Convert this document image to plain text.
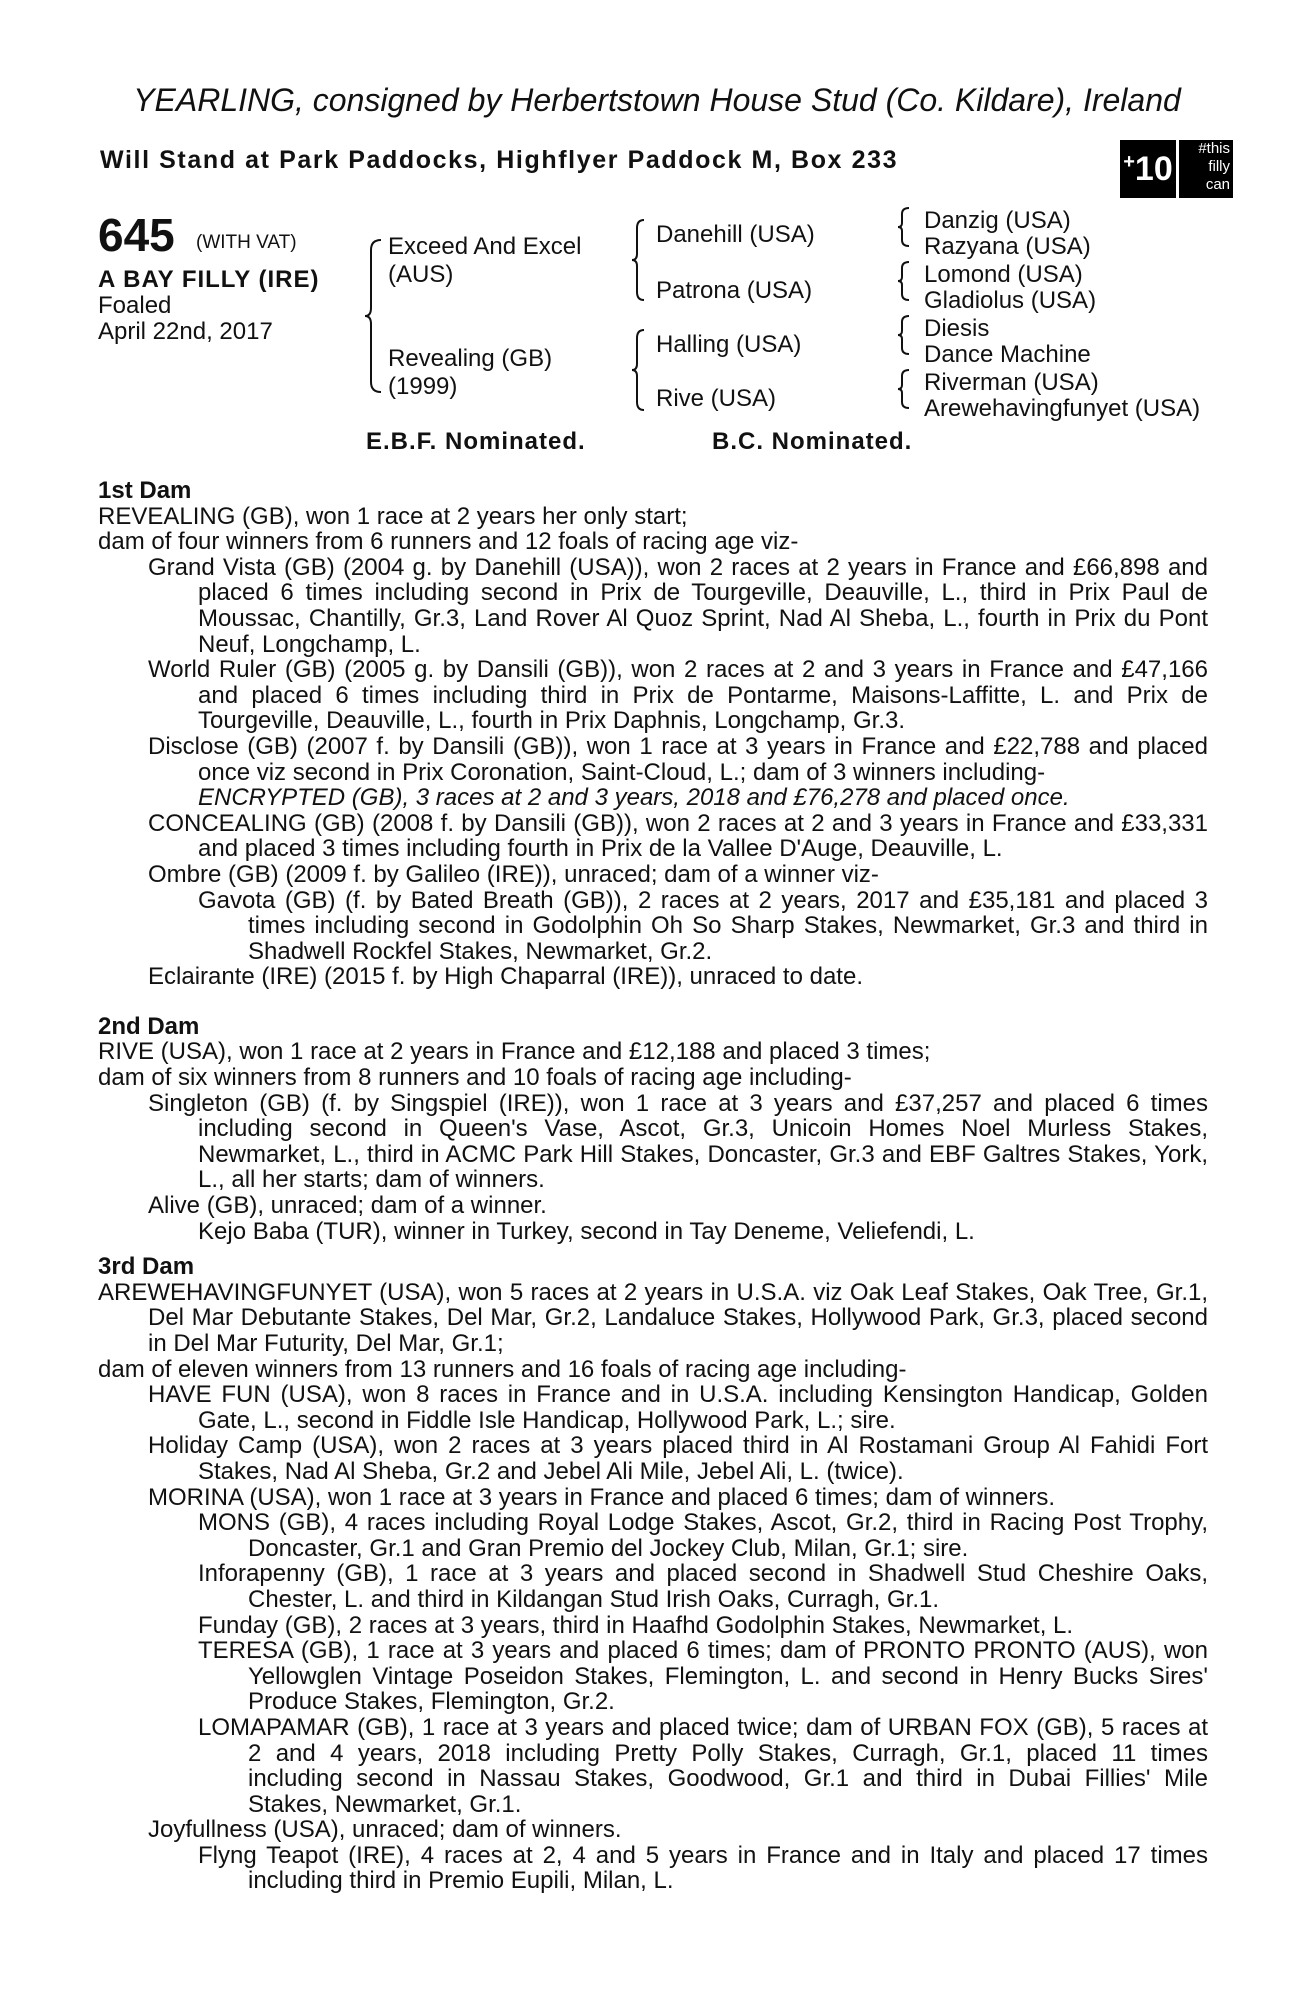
YEARLING, consigned by Herbertstown House Stud (Co. Kildare), Ireland
Will Stand at Park Paddocks, Highflyer Paddock M, Box 233	+ 10
#this
filly
can
645 (WITH VAT)
A BAY FILLY (IRE)
Foaled
April 22nd, 2017
Exceed And Excel
(AUS)
Revealing (GB)
(1999)
Danehill (USA)
Patrona (USA)
Halling (USA)
Rive (USA)
Danzig (USA)
Razyana (USA)
Lomond (USA)
Gladiolus (USA)
Diesis
Dance Machine
Riverman (USA)
Arewehavingfunyet (USA)
E.B.F. Nominated.	B.C. Nominated.

1st Dam

REVEALING (GB), won 1 race at 2 years her only start;

dam of four winners from 6 runners and 12 foals of racing age viz-

Grand Vista (GB) (2004 g. by Danehill (USA)), won 2 races at 2 years in France and £66,898 and placed 6 times including second in Prix de Tourgeville, Deauville, L., third in Prix Paul de Moussac, Chantilly, Gr.3, Land Rover Al Quoz Sprint, Nad Al Sheba, L., fourth in Prix du Pont Neuf, Longchamp, L.

World Ruler (GB) (2005 g. by Dansili (GB)), won 2 races at 2 and 3 years in France and £47,166 and placed 6 times including third in Prix de Pontarme, Maisons-Laffitte, L. and Prix de Tourgeville, Deauville, L., fourth in Prix Daphnis, Longchamp, Gr.3.

Disclose (GB) (2007 f. by Dansili (GB)), won 1 race at 3 years in France and £22,788 and placed once viz second in Prix Coronation, Saint-Cloud, L.; dam of 3 winners including-

ENCRYPTED (GB), 3 races at 2 and 3 years, 2018 and £76,278 and placed once.

CONCEALING (GB) (2008 f. by Dansili (GB)), won 2 races at 2 and 3 years in France and £33,331 and placed 3 times including fourth in Prix de la Vallee D'Auge, Deauville, L.

Ombre (GB) (2009 f. by Galileo (IRE)), unraced; dam of a winner viz-

Gavota (GB) (f. by Bated Breath (GB)), 2 races at 2 years, 2017 and £35,181 and placed 3 times including second in Godolphin Oh So Sharp Stakes, Newmarket, Gr.3 and third in Shadwell Rockfel Stakes, Newmarket, Gr.2.

Eclairante (IRE) (2015 f. by High Chaparral (IRE)), unraced to date.

2nd Dam

RIVE (USA), won 1 race at 2 years in France and £12,188 and placed 3 times;

dam of six winners from 8 runners and 10 foals of racing age including-

Singleton (GB) (f. by Singspiel (IRE)), won 1 race at 3 years and £37,257 and placed 6 times including second in Queen's Vase, Ascot, Gr.3, Unicoin Homes Noel Murless Stakes, Newmarket, L., third in ACMC Park Hill Stakes, Doncaster, Gr.3 and EBF Galtres Stakes, York, L., all her starts; dam of winners.

Alive (GB), unraced; dam of a winner.

Kejo Baba (TUR), winner in Turkey, second in Tay Deneme, Veliefendi, L.

3rd Dam

AREWEHAVINGFUNYET (USA), won 5 races at 2 years in U.S.A. viz Oak Leaf Stakes, Oak Tree, Gr.1, Del Mar Debutante Stakes, Del Mar, Gr.2, Landaluce Stakes, Hollywood Park, Gr.3, placed second in Del Mar Futurity, Del Mar, Gr.1;

dam of eleven winners from 13 runners and 16 foals of racing age including-

HAVE FUN (USA), won 8 races in France and in U.S.A. including Kensington Handicap, Golden Gate, L., second in Fiddle Isle Handicap, Hollywood Park, L.; sire.

Holiday Camp (USA), won 2 races at 3 years placed third in Al Rostamani Group Al Fahidi Fort Stakes, Nad Al Sheba, Gr.2 and Jebel Ali Mile, Jebel Ali, L. (twice).

MORINA (USA), won 1 race at 3 years in France and placed 6 times; dam of winners.

MONS (GB), 4 races including Royal Lodge Stakes, Ascot, Gr.2, third in Racing Post Trophy, Doncaster, Gr.1 and Gran Premio del Jockey Club, Milan, Gr.1; sire.

Inforapenny (GB), 1 race at 3 years and placed second in Shadwell Stud Cheshire Oaks, Chester, L. and third in Kildangan Stud Irish Oaks, Curragh, Gr.1.

Funday (GB), 2 races at 3 years, third in Haafhd Godolphin Stakes, Newmarket, L.

TERESA (GB), 1 race at 3 years and placed 6 times; dam of PRONTO PRONTO (AUS), won Yellowglen Vintage Poseidon Stakes, Flemington, L. and second in Henry Bucks Sires' Produce Stakes, Flemington, Gr.2.

LOMAPAMAR (GB), 1 race at 3 years and placed twice; dam of URBAN FOX (GB), 5 races at 2 and 4 years, 2018 including Pretty Polly Stakes, Curragh, Gr.1, placed 11 times including second in Nassau Stakes, Goodwood, Gr.1 and third in Dubai Fillies' Mile Stakes, Newmarket, Gr.1.

Joyfullness (USA), unraced; dam of winners.

Flyng Teapot (IRE), 4 races at 2, 4 and 5 years in France and in Italy and placed 17 times including third in Premio Eupili, Milan, L.
